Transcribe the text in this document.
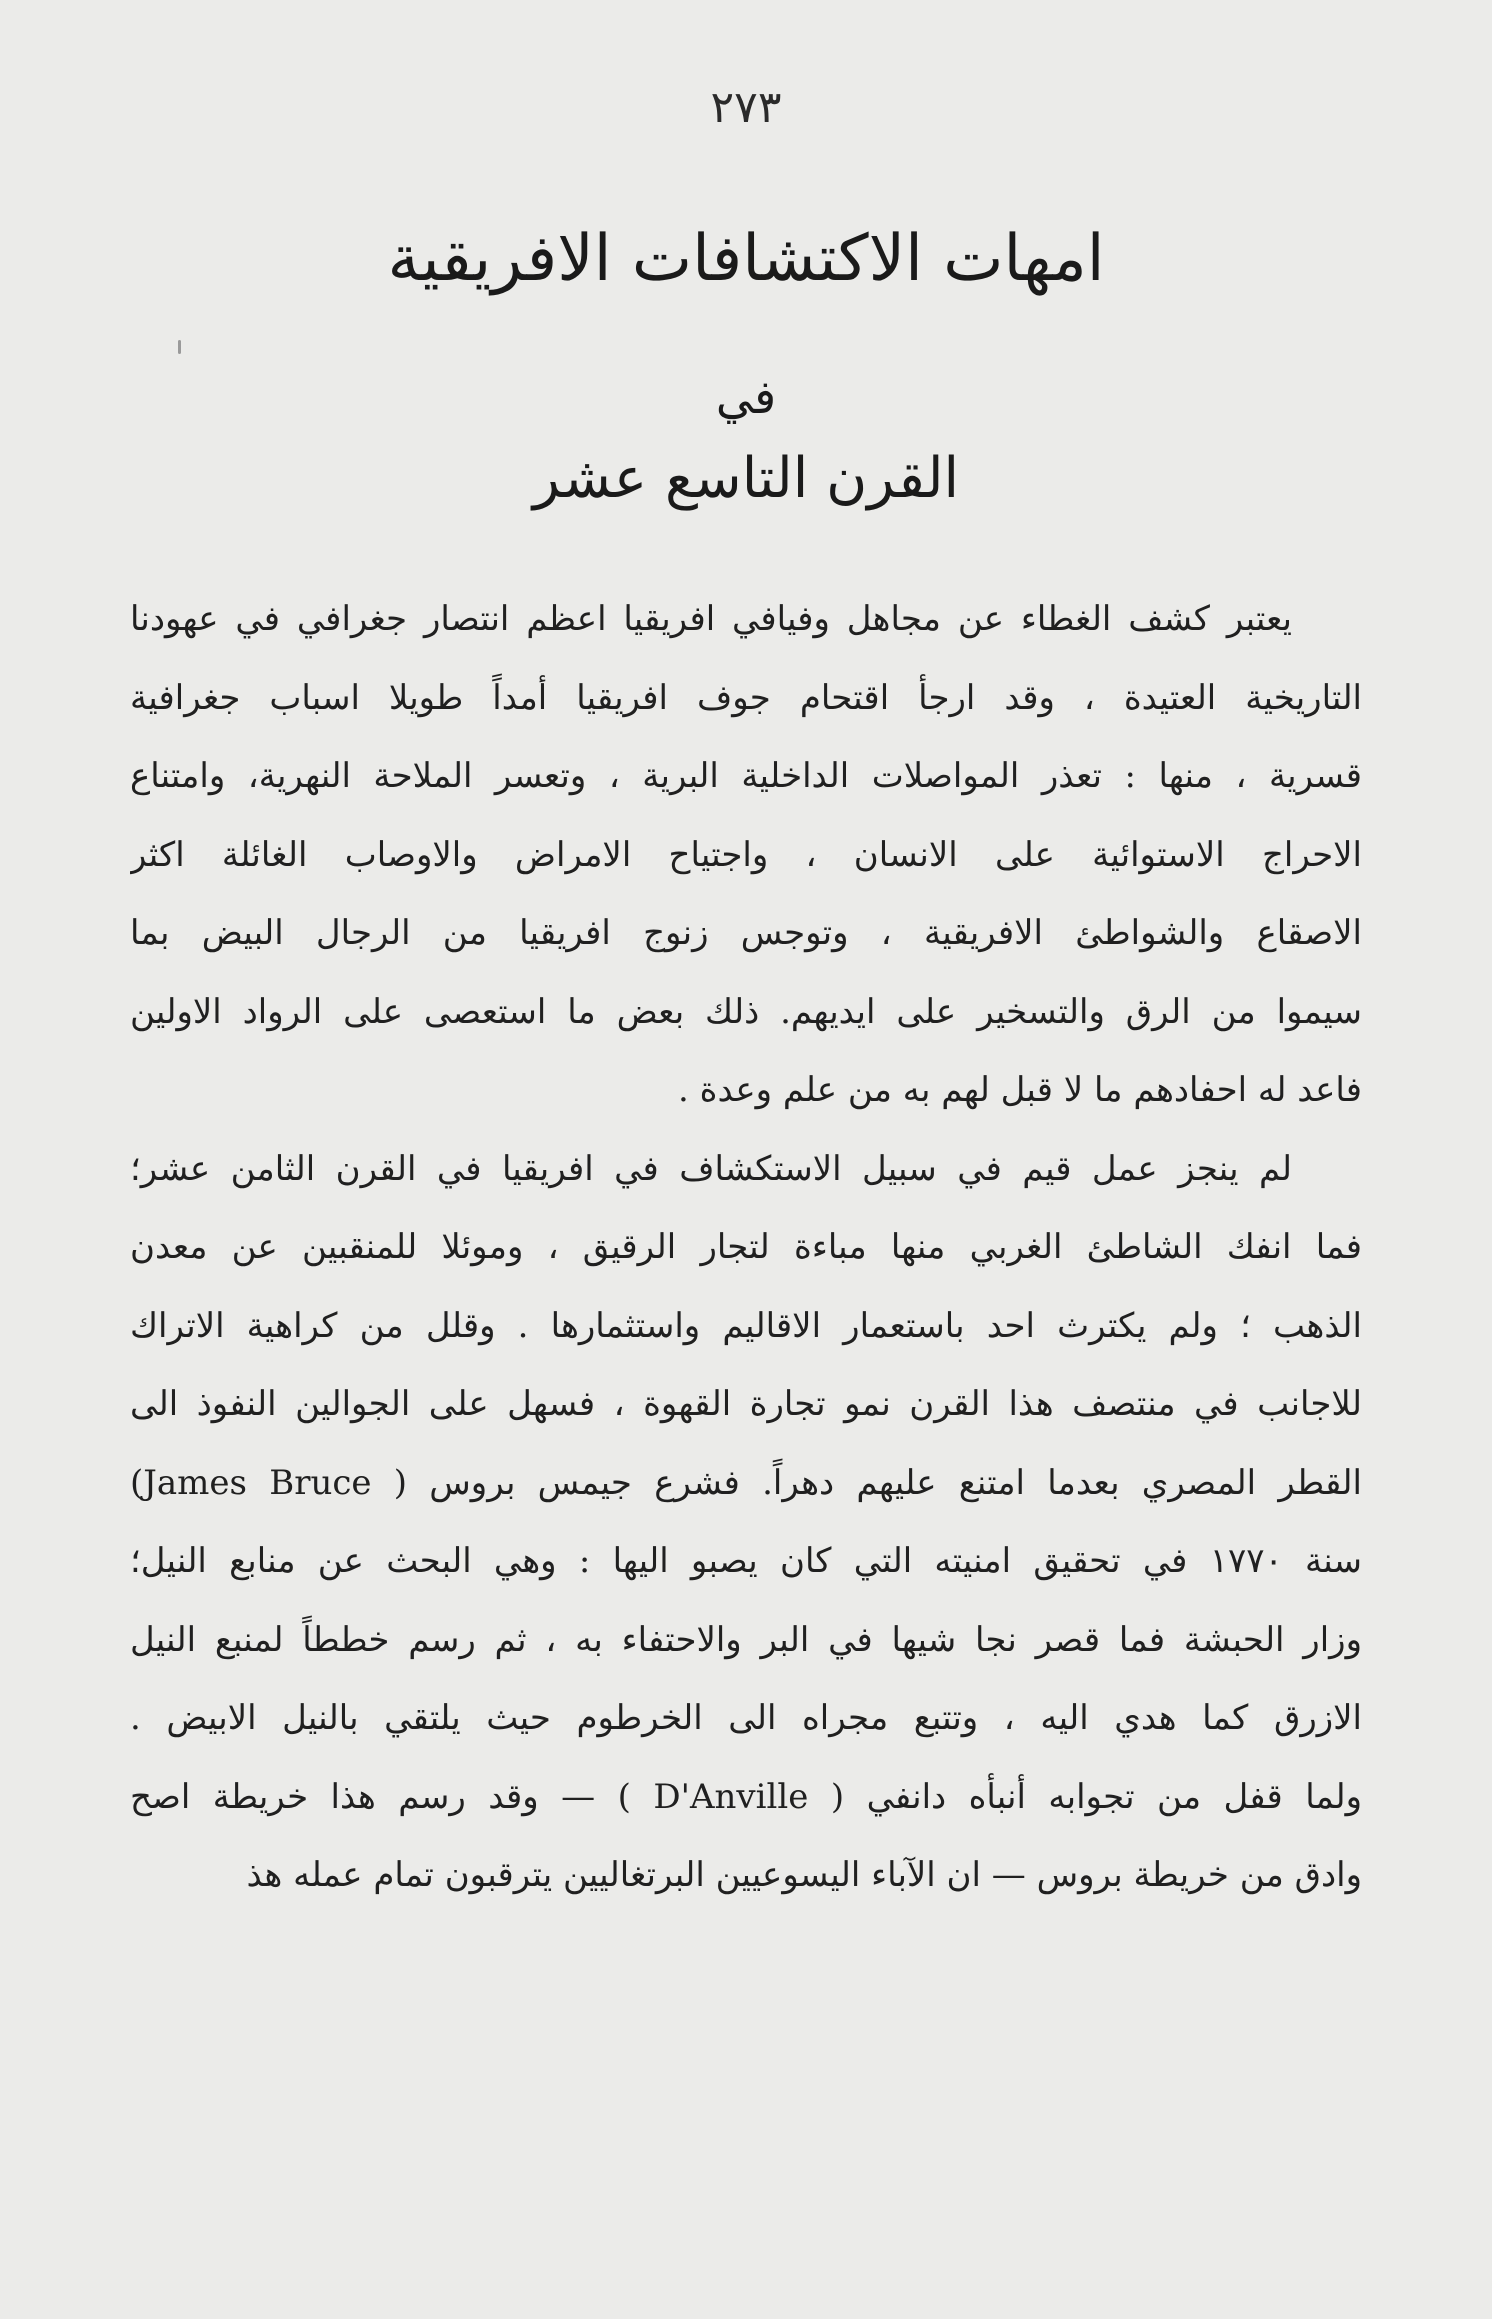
٢٧٣
امهات الاكتشافات الافريقية
في
القرن التاسع عشر
يعتبر كشف الغطاء عن مجاهل وفيافي افريقيا اعظم انتصار جغرافي في عهودنا
التاريخية العتيدة ، وقد ارجأ اقتحام جوف افريقيا أمداً طويلا اسباب جغرافية
قسرية ، منها : تعذر المواصلات الداخلية البرية ، وتعسر الملاحة النهرية، وامتناع
الاحراج الاستوائية على الانسان ، واجتياح الامراض والاوصاب الغائلة اكثر
الاصقاع والشواطئ الافريقية ، وتوجس زنوج افريقيا من الرجال البيض بما
سيموا من الرق والتسخير على ايديهم. ذلك بعض ما استعصى على الرواد الاولين
فاعد له احفادهم ما لا قبل لهم به من علم وعدة .
لم ينجز عمل قيم في سبيل الاستكشاف في افريقيا في القرن الثامن عشر؛
فما انفك الشاطئ الغربي منها مباءة لتجار الرقيق ، وموئلا للمنقبين عن معدن
الذهب ؛ ولم يكترث احد باستعمار الاقاليم واستثمارها . وقلل من كراهية الاتراك
للاجانب في منتصف هذا القرن نمو تجارة القهوة ، فسهل على الجوالين النفوذ الى
القطر المصري بعدما امتنع عليهم دهراً. فشرع جيمس بروس ( James Bruce)
سنة ١٧٧٠ في تحقيق امنيته التي كان يصبو اليها : وهي البحث عن منابع النيل؛
وزار الحبشة فما قصر نجا شيها في البر والاحتفاء به ، ثم رسم خططاً لمنبع النيل
الازرق كما هدي اليه ، وتتبع مجراه الى الخرطوم حيث يلتقي بالنيل الابيض .
ولما قفل من تجوابه أنبأه دانفي ( D'Anville ) — وقد رسم هذا خريطة اصح
وادق من خريطة بروس — ان الآباء اليسوعيين البرتغاليين يترقبون تمام عمله هذ
